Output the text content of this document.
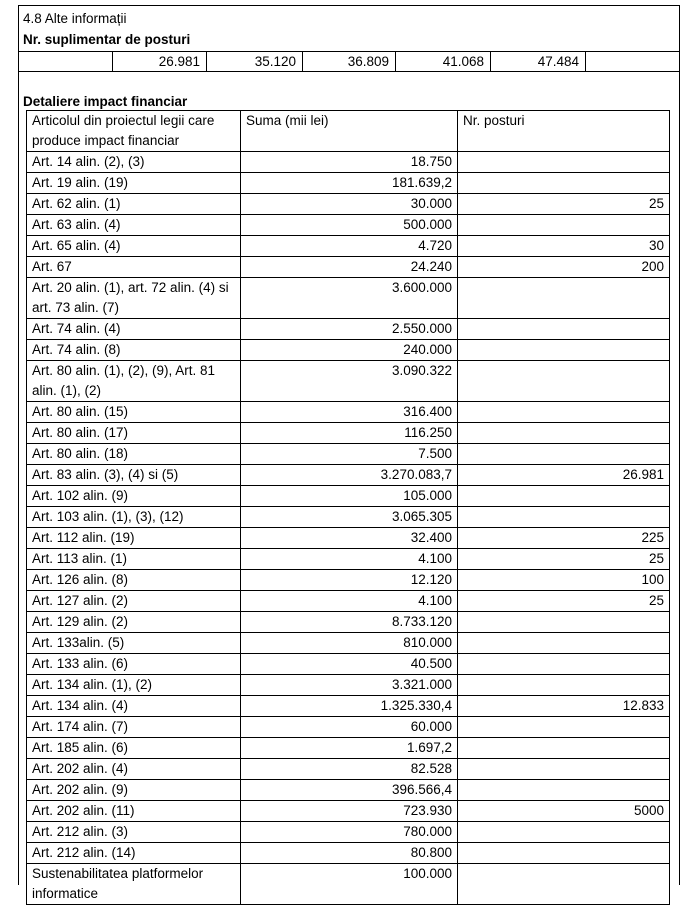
4.8 Alte informații
Nr. suplimentar de posturi
	26.981	35.120	36.809	41.068	47.484	
Detaliere impact financiar
Articolul din proiectul legii care produce impact financiar	Suma (mii lei)	Nr. posturi
Art. 14 alin. (2), (3)	18.750	
Art. 19 alin. (19)	181.639,2	
Art. 62 alin. (1)	30.000	25
Art. 63 alin. (4)	500.000	
Art. 65 alin. (4)	4.720	30
Art. 67	24.240	200
Art. 20 alin. (1), art. 72 alin. (4) si art. 73 alin. (7)	3.600.000	
Art. 74 alin. (4)	2.550.000	
Art. 74 alin. (8)	240.000	
Art. 80 alin. (1), (2), (9), Art. 81 alin. (1), (2)	3.090.322	
Art. 80 alin. (15)	316.400	
Art. 80 alin. (17)	116.250	
Art. 80 alin. (18)	7.500	
Art. 83 alin. (3), (4) si (5)	3.270.083,7	26.981
Art. 102 alin. (9)	105.000	
Art. 103 alin. (1), (3), (12)	3.065.305	
Art. 112 alin. (19)	32.400	225
Art. 113 alin. (1)	4.100	25
Art. 126 alin. (8)	12.120	100
Art. 127 alin. (2)	4.100	25
Art. 129 alin. (2)	8.733.120	
Art. 133alin. (5)	810.000	
Art. 133 alin. (6)	40.500	
Art. 134 alin. (1), (2)	3.321.000	
Art. 134 alin. (4)	1.325.330,4	12.833
Art. 174 alin. (7)	60.000	
Art. 185 alin. (6)	1.697,2	
Art. 202 alin. (4)	82.528	
Art. 202 alin. (9)	396.566,4	
Art. 202 alin. (11)	723.930	5000
Art. 212 alin. (3)	780.000	
Art. 212 alin. (14)	80.800	
Sustenabilitatea platformelor informatice	100.000	
